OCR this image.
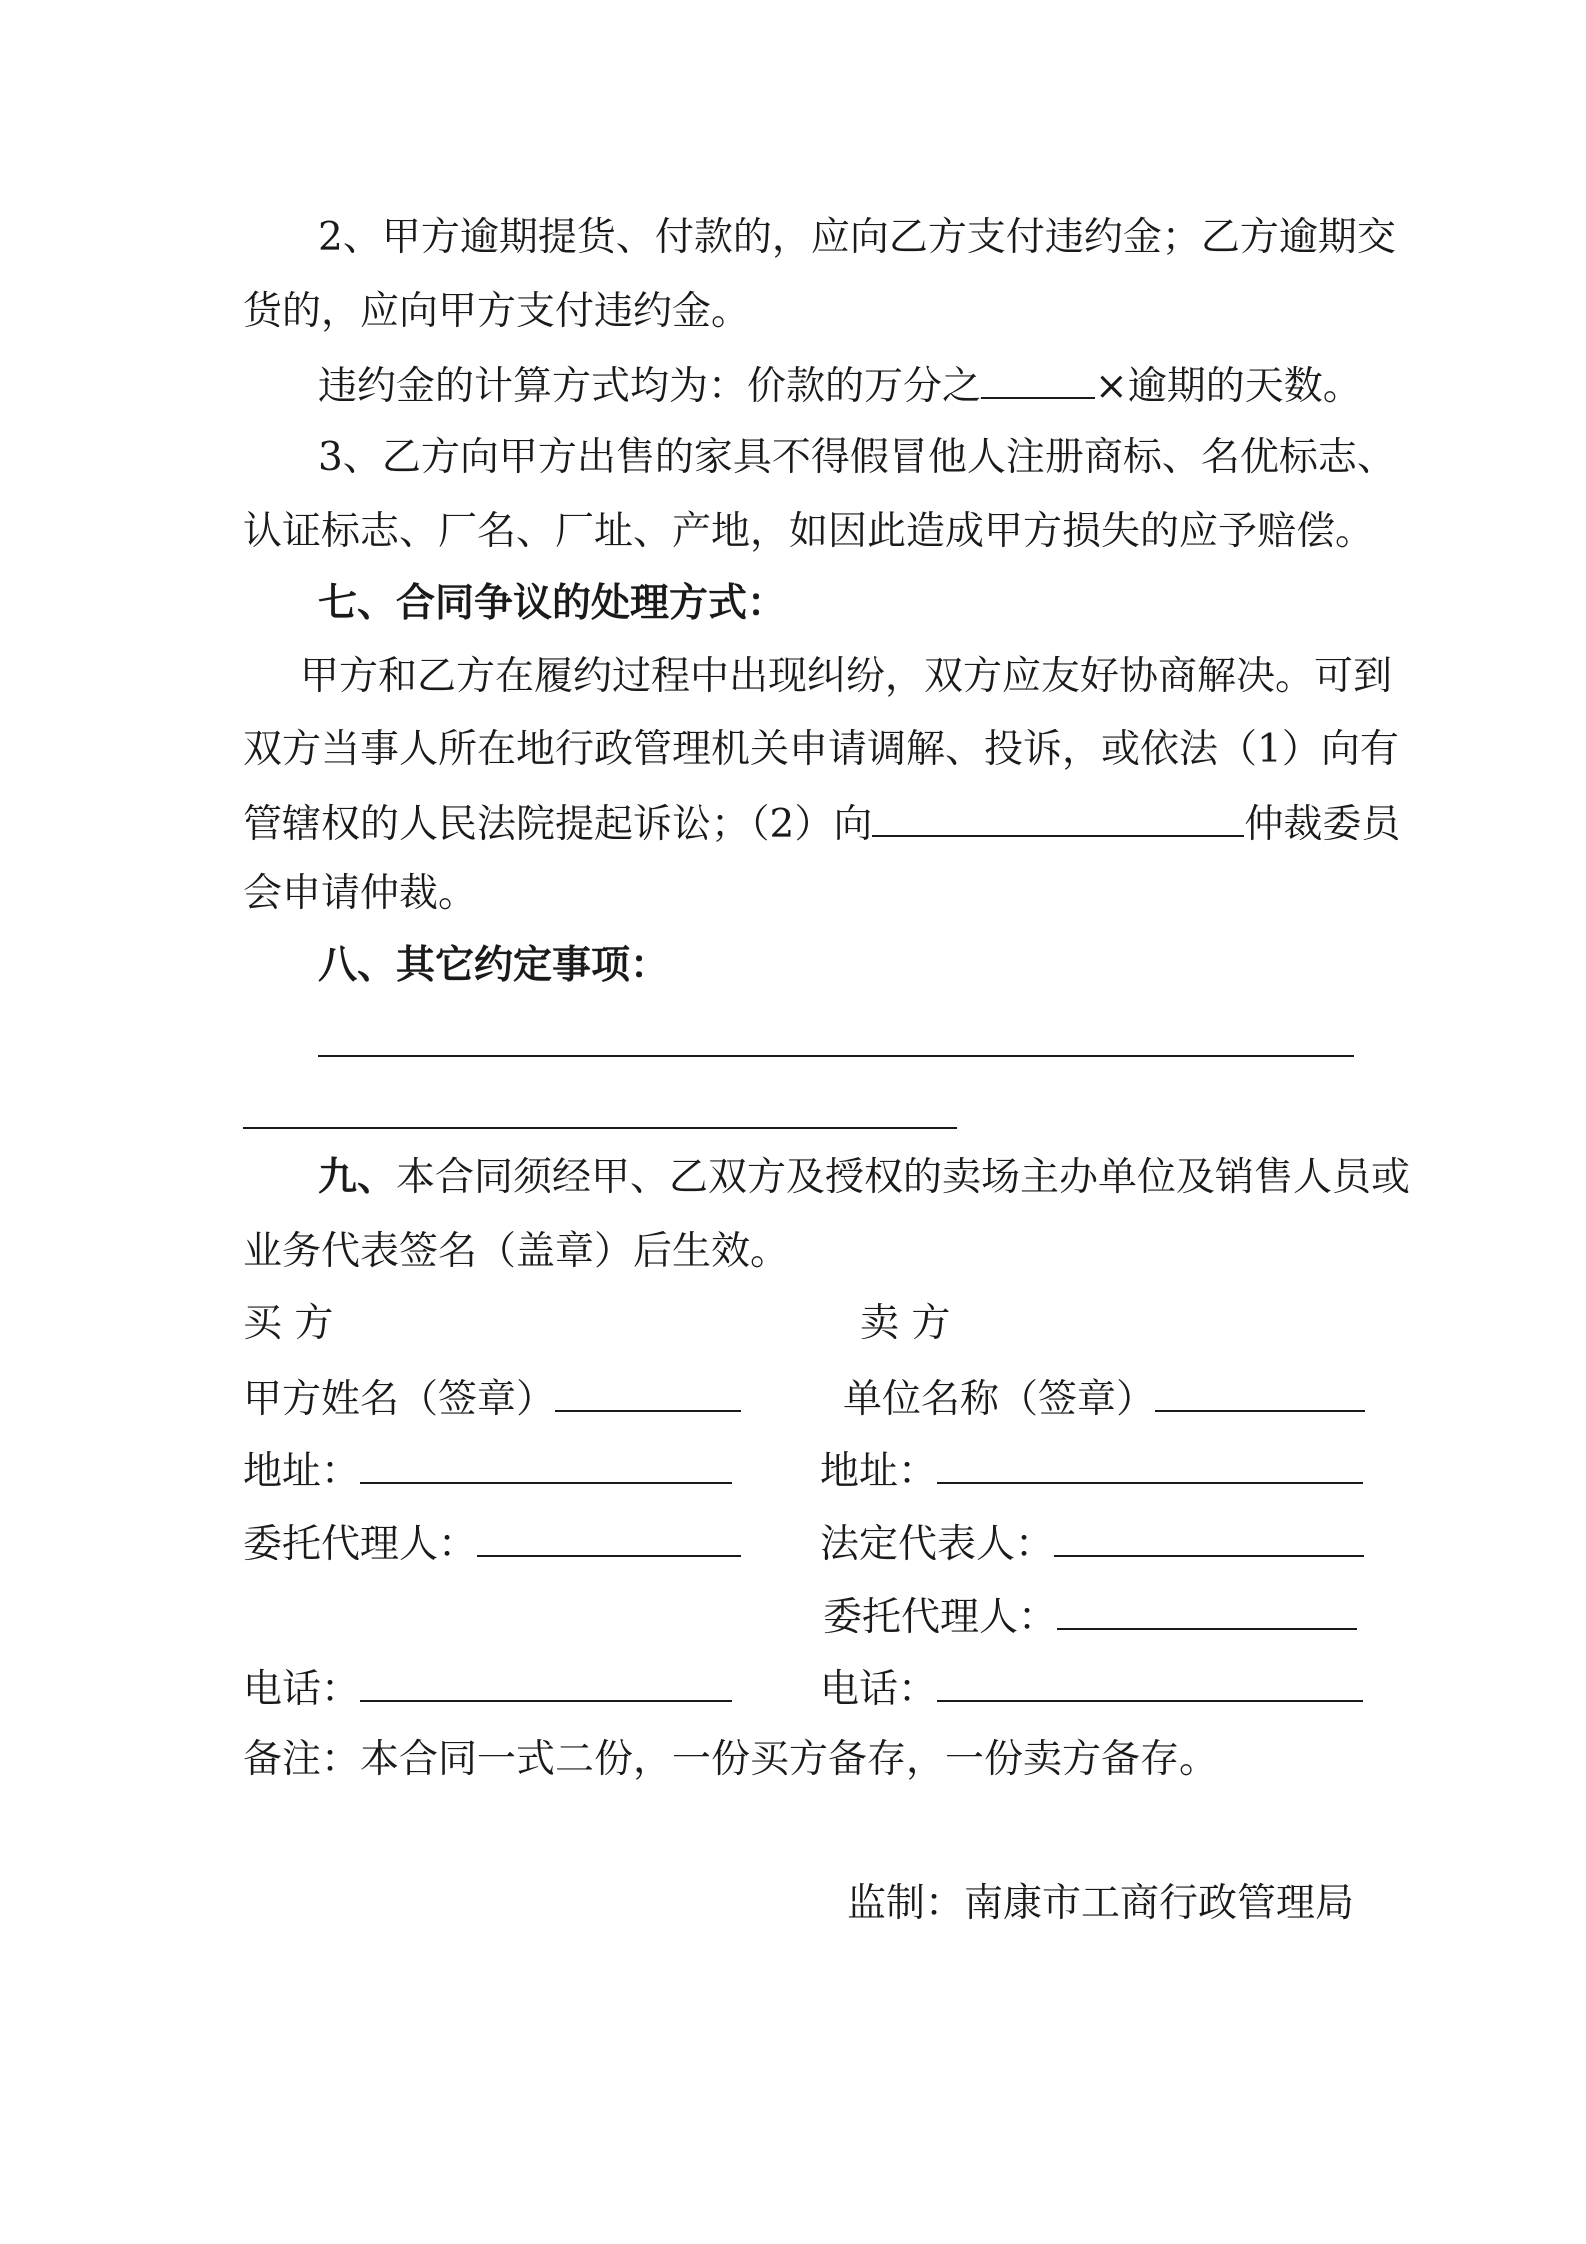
2、甲方逾期提货、付款的，应向乙方支付违约金；乙方逾期交
货的，应向甲方支付违约金。
违约金的计算方式均为：价款的万分之	×逾期的天数。
3、乙方向甲方出售的家具不得假冒他人注册商标、名优标志、
认证标志、厂名、厂址、产地，如因此造成甲方损失的应予赔偿。
七、合同争议的处理方式：
甲方和乙方在履约过程中出现纠纷，双方应友好协商解决。可到
双方当事人所在地行政管理机关申请调解、投诉，或依法（1）向有
管辖权的人民法院提起诉讼；（2）向	仲裁委员
会申请仲裁。
八、其它约定事项：
九、本合同须经甲、乙双方及授权的卖场主办单位及销售人员或
业务代表签名（盖章）后生效。
买 方
甲方姓名（签章）
地址：
委托代理人：
电话：
卖 方
单位名称（签章）
地址：
法定代表人：
委托代理人：
电话：
备注：本合同一式二份，一份买方备存，一份卖方备存。
监制：南康市工商行政管理局
